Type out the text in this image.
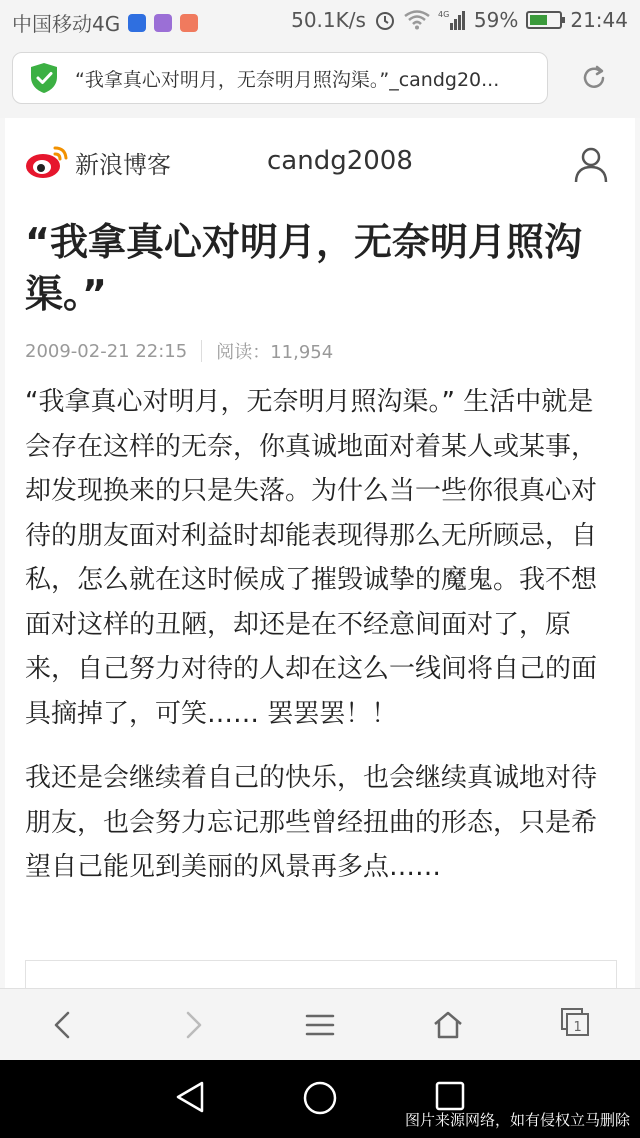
中国移动4G	50.1K/s	4G 59%	21:44
“我拿真心对明月，无奈明月照沟渠。”_candg20...
新浪博客	candg2008
“我拿真心对明月，无奈明月照沟渠。”
2009-02-21 22:15 阅读：11,954

“我拿真心对明月，无奈明月照沟渠。” 生活中就是会存在这样的无奈，你真诚地面对着某人或某事，却发现换来的只是失落。为什么当一些你很真心对待的朋友面对利益时却能表现得那么无所顾忌，自私，怎么就在这时候成了摧毁诚挚的魔鬼。我不想面对这样的丑陋，却还是在不经意间面对了，原来，自己努力对待的人却在这么一线间将自己的面具摘掉了，可笑…… 罢罢罢！！

我还是会继续着自己的快乐，也会继续真诚地对待朋友，也会努力忘记那些曾经扭曲的形态，只是希望自己能见到美丽的风景再多点……

1
图片来源网络，如有侵权立马删除
